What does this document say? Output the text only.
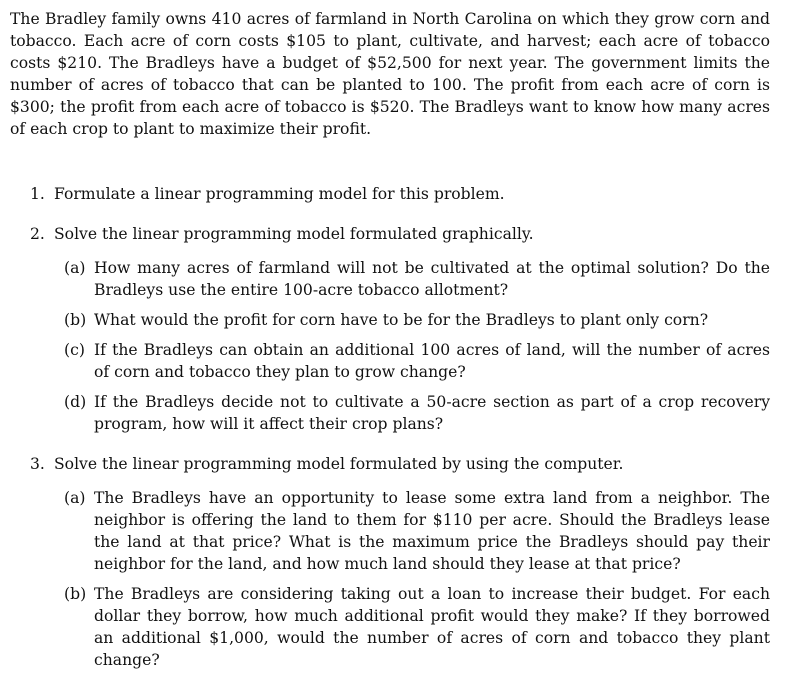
The Bradley family owns 410 acres of farmland in North Carolina on which they grow corn and tobacco. Each acre of corn costs $105 to plant, cultivate, and harvest; each acre of tobacco costs $210. The Bradleys have a budget of $52,500 for next year. The government limits the number of acres of tobacco that can be planted to 100. The profit from each acre of corn is $300; the profit from each acre of tobacco is $520. The Bradleys want to know how many acres of each crop to plant to maximize their profit.

1. Formulate a linear programming model for this problem.
2. Solve the linear programming model formulated graphically.
(a) How many acres of farmland will not be cultivated at the optimal solution? Do the Bradleys use the entire 100-acre tobacco allotment?
(b) What would the profit for corn have to be for the Bradleys to plant only corn?
(c) If the Bradleys can obtain an additional 100 acres of land, will the number of acres of corn and tobacco they plan to grow change?
(d) If the Bradleys decide not to cultivate a 50-acre section as part of a crop recovery program, how will it affect their crop plans?
3. Solve the linear programming model formulated by using the computer.
(a) The Bradleys have an opportunity to lease some extra land from a neighbor. The neighbor is offering the land to them for $110 per acre. Should the Bradleys lease the land at that price? What is the maximum price the Bradleys should pay their neighbor for the land, and how much land should they lease at that price?
(b) The Bradleys are considering taking out a loan to increase their budget. For each dollar they borrow, how much additional profit would they make? If they borrowed an additional $1,000, would the number of acres of corn and tobacco they plant change?
